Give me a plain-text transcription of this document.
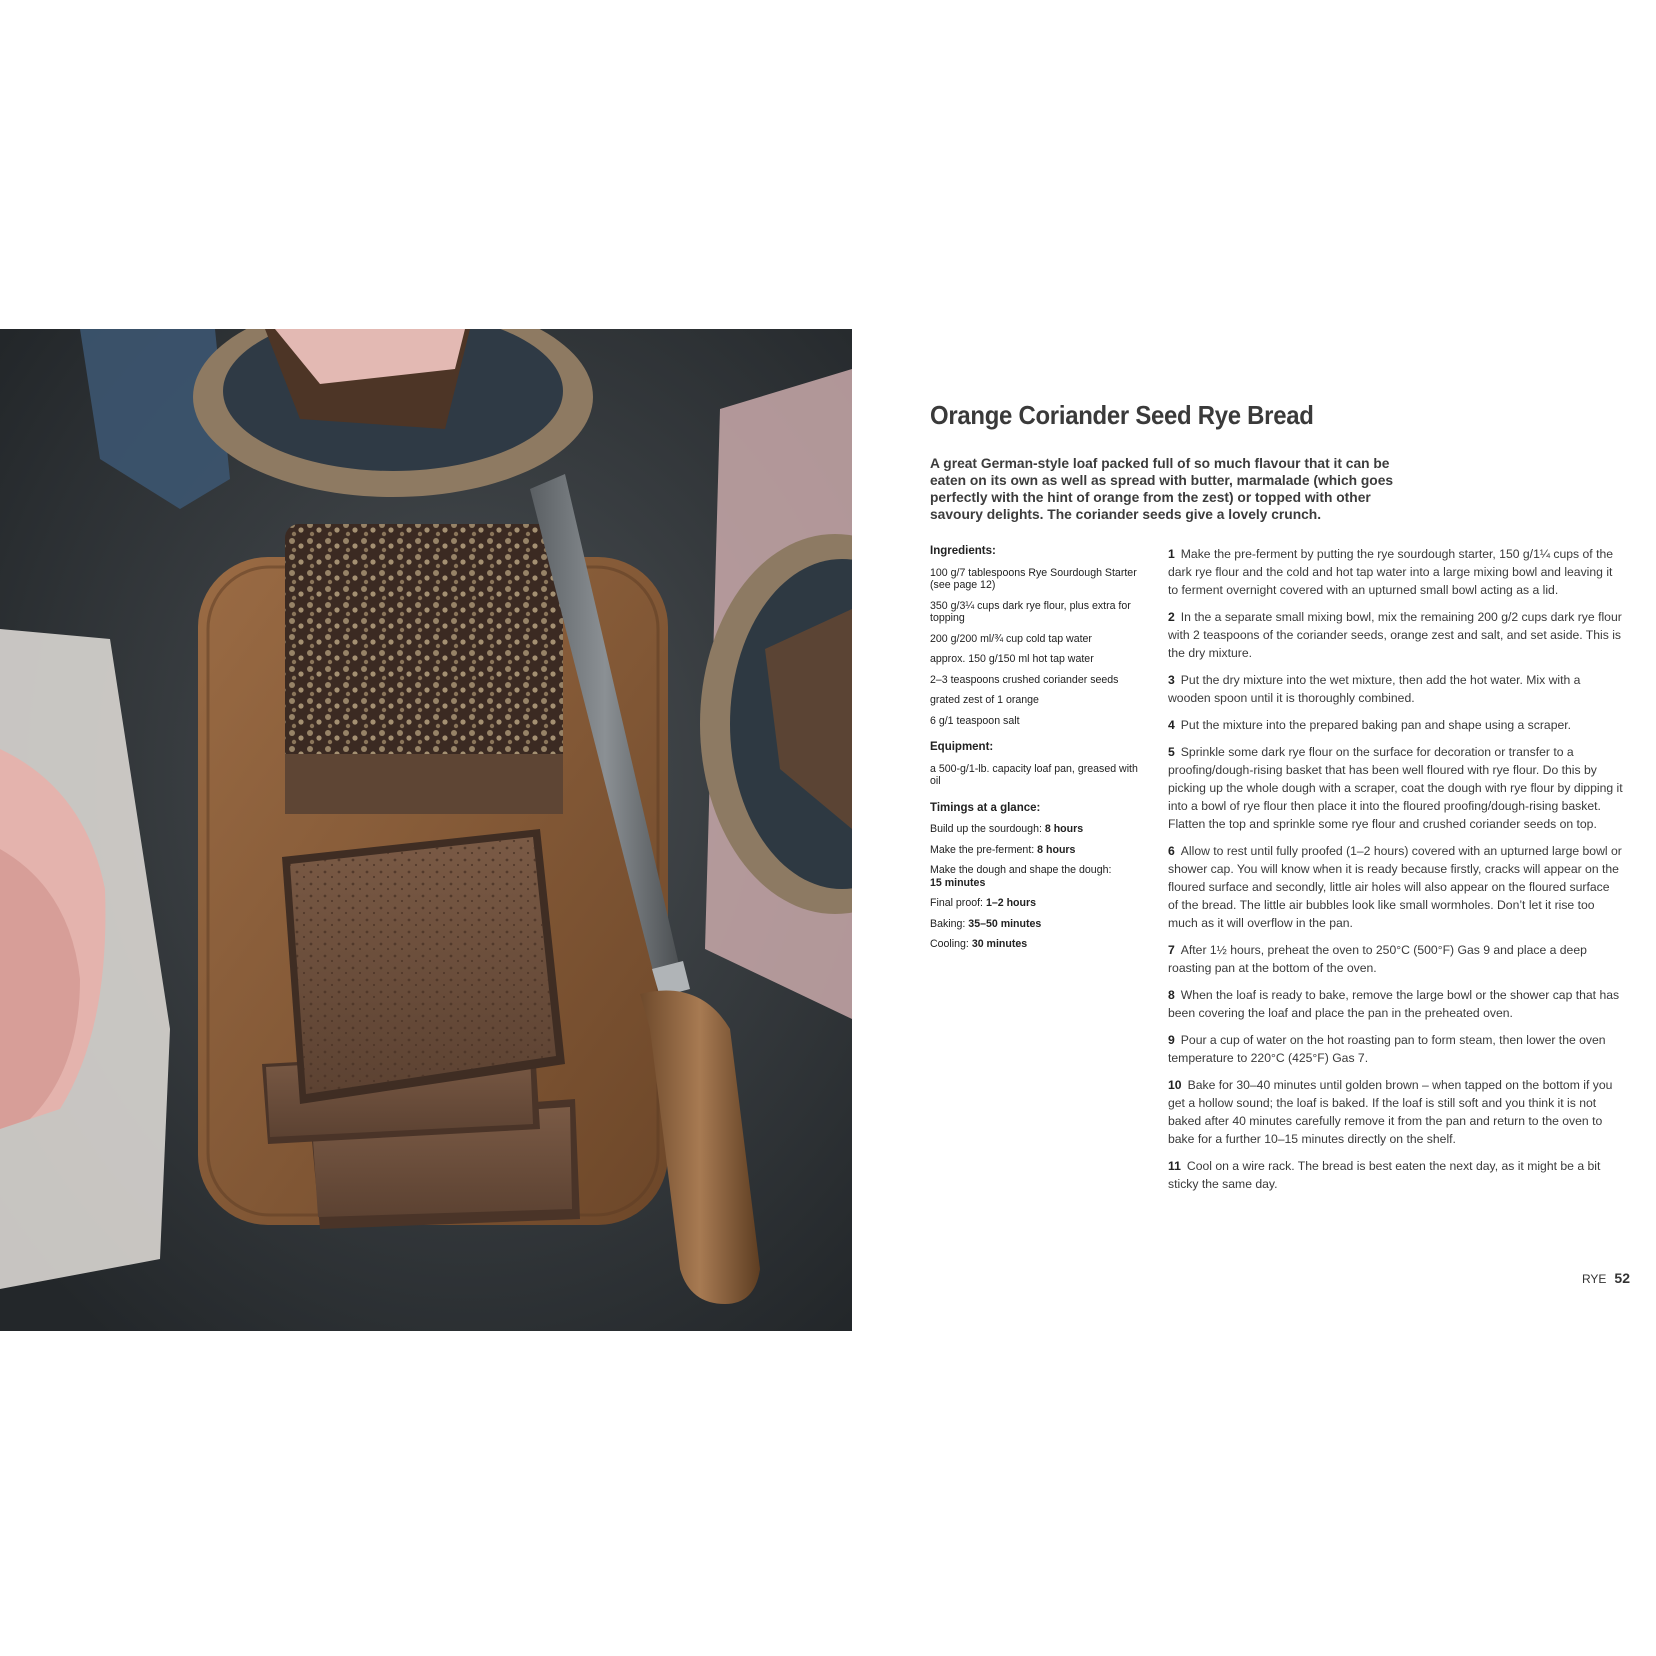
Orange Coriander Seed Rye Bread

A great German-style loaf packed full of so much flavour that it can be eaten on its own as well as spread with butter, marmalade (which goes perfectly with the hint of orange from the zest) or topped with other savoury delights. The coriander seeds give a lovely crunch.

Ingredients:

100 g/7 tablespoons Rye Sourdough Starter (see page 12)

350 g/3¼ cups dark rye flour, plus extra for topping

200 g/200 ml/¾ cup cold tap water

approx. 150 g/150 ml hot tap water

2–3 teaspoons crushed coriander seeds

grated zest of 1 orange

6 g/1 teaspoon salt

Equipment:

a 500-g/1-lb. capacity loaf pan, greased with oil

Timings at a glance:

Build up the sourdough: 8 hours

Make the pre-ferment: 8 hours

Make the dough and shape the dough:
15 minutes

Final proof: 1–2 hours

Baking: 35–50 minutes

Cooling: 30 minutes

1 Make the pre-ferment by putting the rye sourdough starter, 150 g/1¼ cups of the dark rye flour and the cold and hot tap water into a large mixing bowl and leaving it to ferment overnight covered with an upturned small bowl acting as a lid.

2 In the a separate small mixing bowl, mix the remaining 200 g/2 cups dark rye flour with 2 teaspoons of the coriander seeds, orange zest and salt, and set aside. This is the dry mixture.

3 Put the dry mixture into the wet mixture, then add the hot water. Mix with a wooden spoon until it is thoroughly combined.

4 Put the mixture into the prepared baking pan and shape using a scraper.

5 Sprinkle some dark rye flour on the surface for decoration or transfer to a proofing/dough-rising basket that has been well floured with rye flour. Do this by picking up the whole dough with a scraper, coat the dough with rye flour by dipping it into a bowl of rye flour then place it into the floured proofing/dough-rising basket. Flatten the top and sprinkle some rye flour and crushed coriander seeds on top.

6 Allow to rest until fully proofed (1–2 hours) covered with an upturned large bowl or shower cap. You will know when it is ready because firstly, cracks will appear on the floured surface and secondly, little air holes will also appear on the floured surface of the bread. The little air bubbles look like small wormholes. Don’t let it rise too much as it will overflow in the pan.

7 After 1½ hours, preheat the oven to 250°C (500°F) Gas 9 and place a deep roasting pan at the bottom of the oven.

8 When the loaf is ready to bake, remove the large bowl or the shower cap that has been covering the loaf and place the pan in the preheated oven.

9 Pour a cup of water on the hot roasting pan to form steam, then lower the oven temperature to 220°C (425°F) Gas 7.

10 Bake for 30–40 minutes until golden brown – when tapped on the bottom if you get a hollow sound; the loaf is baked. If the loaf is still soft and you think it is not baked after 40 minutes carefully remove it from the pan and return to the oven to bake for a further 10–15 minutes directly on the shelf.

11 Cool on a wire rack. The bread is best eaten the next day, as it might be a bit sticky the same day.

RYE 52
